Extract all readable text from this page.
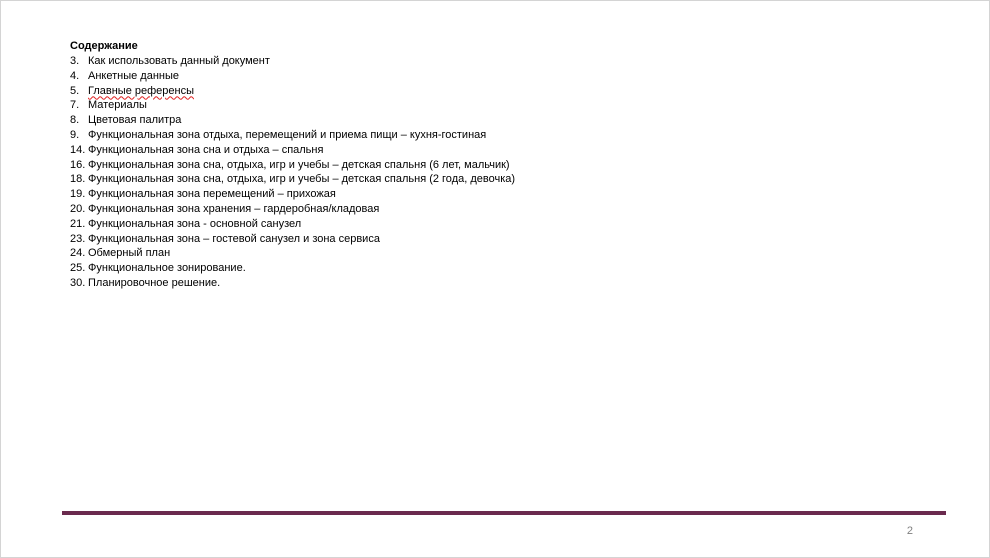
Содержание
3. Как использовать данный документ
4. Анкетные данные
5. Главные референсы
7. Материалы
8. Цветовая палитра
9. Функциональная зона отдыха, перемещений и приема пищи – кухня-гостиная
14. Функциональная зона сна и отдыха – спальня
16. Функциональная зона сна, отдыха, игр и учебы – детская спальня (6 лет, мальчик)
18. Функциональная зона сна, отдыха, игр и учебы – детская спальня (2 года, девочка)
19. Функциональная зона перемещений – прихожая
20. Функциональная зона хранения – гардеробная/кладовая
21. Функциональная зона - основной санузел
23. Функциональная зона – гостевой санузел и зона сервиса
24. Обмерный план
25. Функциональное зонирование.
30. Планировочное решение.
2
